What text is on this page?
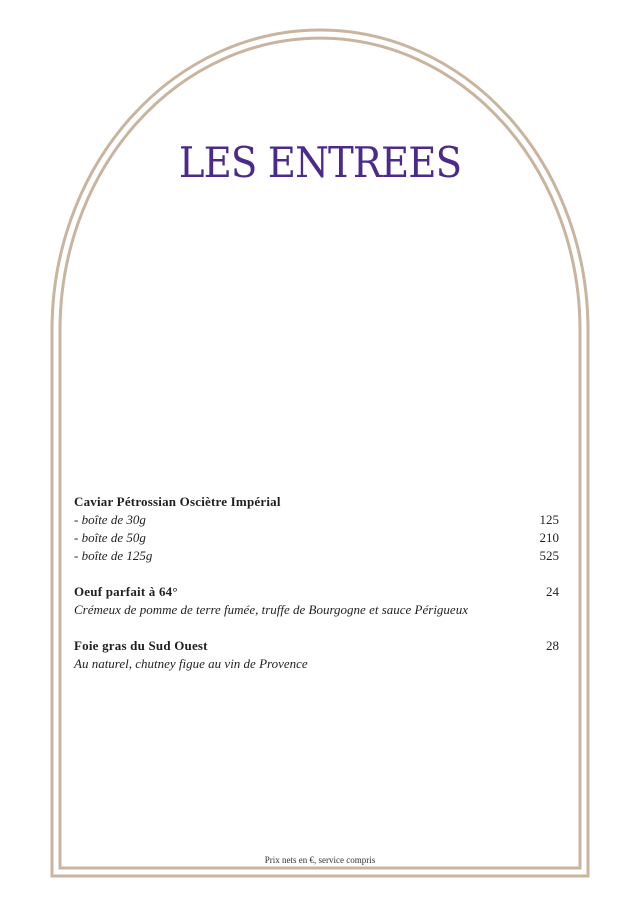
LES ENTREES
Caviar Pétrossian Osciètre Impérial
- boîte de 30g	125
- boîte de 50g	210
- boîte de 125g	525
Oeuf parfait à 64°	24
Crémeux de pomme de terre fumée, truffe de Bourgogne et sauce Périgueux
Foie gras du Sud Ouest	28
Au naturel, chutney figue au vin de Provence
Prix nets en €, service compris
